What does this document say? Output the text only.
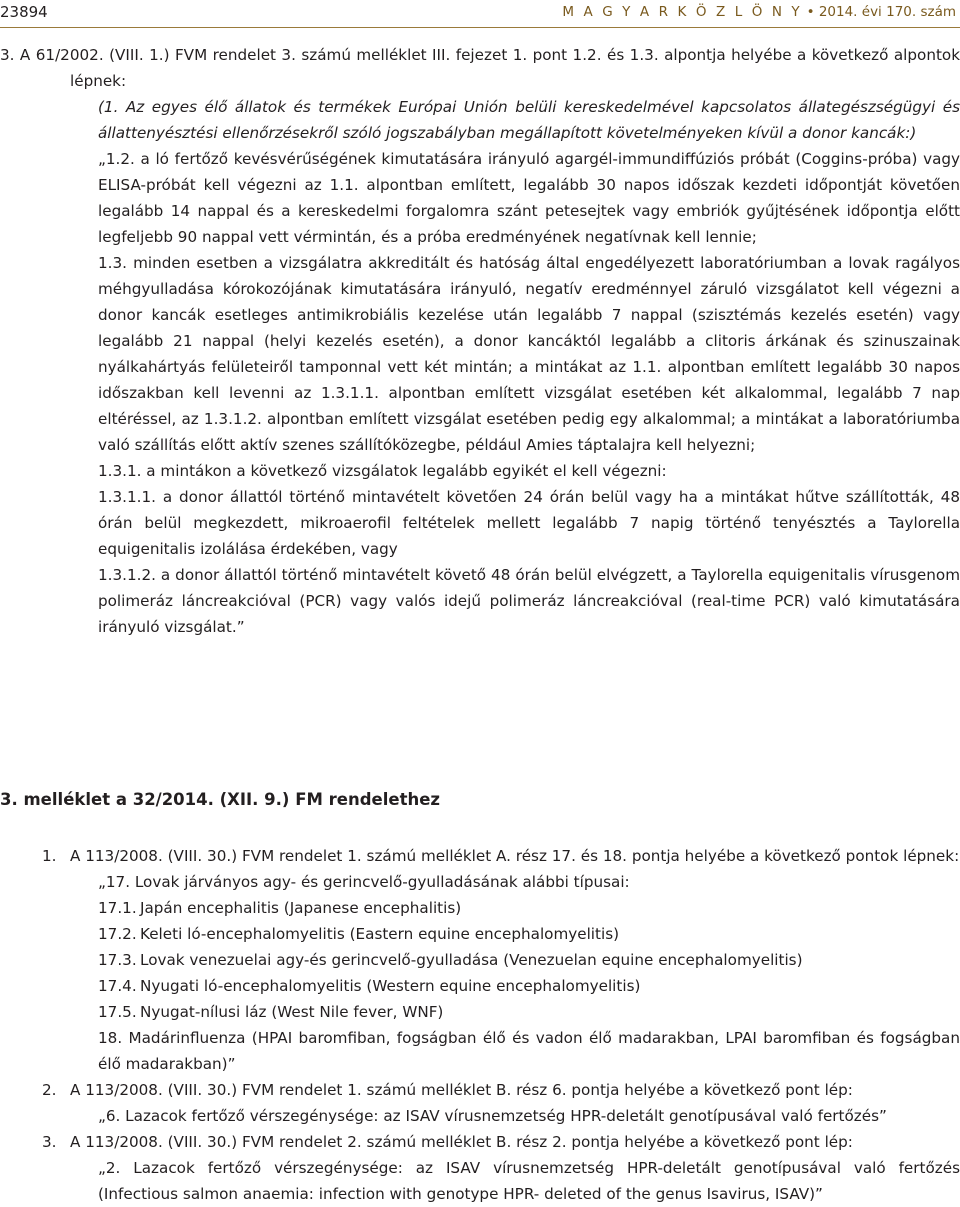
23894	M A G Y A R K Ö Z L Ö N Y • 2014. évi 170. szám

3. A 61/2002. (VIII. 1.) FVM rendelet 3. számú melléklet III. fejezet 1. pont 1.2. és 1.3. alpontja helyébe a következő alpontok lépnek:

(1. Az egyes élő állatok és termékek Európai Unión belüli kereskedelmével kapcsolatos állategészségügyi és állattenyésztési ellenőrzésekről szóló jogszabályban megállapított követelményeken kívül a donor kancák:)

„1.2. a ló fertőző kevésvérűségének kimutatására irányuló agargél-immundiffúziós próbát (Coggins-próba) vagy ELISA-próbát kell végezni az 1.1. alpontban említett, legalább 30 napos időszak kezdeti időpontját követően legalább 14 nappal és a kereskedelmi forgalomra szánt petesejtek vagy embriók gyűjtésének időpontja előtt legfeljebb 90 nappal vett vérmintán, és a próba eredményének negatívnak kell lennie;

1.3. minden esetben a vizsgálatra akkreditált és hatóság által engedélyezett laboratóriumban a lovak ragályos méhgyulladása kórokozójának kimutatására irányuló, negatív eredménnyel záruló vizsgálatot kell végezni a donor kancák esetleges antimikrobiális kezelése után legalább 7 nappal (szisztémás kezelés esetén) vagy legalább 21 nappal (helyi kezelés esetén), a donor kancáktól legalább a clitoris árkának és szinuszainak nyálkahártyás felületeiről tamponnal vett két mintán; a mintákat az 1.1. alpontban említett legalább 30 napos időszakban kell levenni az 1.3.1.1. alpontban említett vizsgálat esetében két alkalommal, legalább 7 nap eltéréssel, az 1.3.1.2. alpontban említett vizsgálat esetében pedig egy alkalommal; a mintákat a laboratóriumba való szállítás előtt aktív szenes szállítóközegbe, például Amies táptalajra kell helyezni;

1.3.1. a mintákon a következő vizsgálatok legalább egyikét el kell végezni:

1.3.1.1. a donor állattól történő mintavételt követően 24 órán belül vagy ha a mintákat hűtve szállították, 48 órán belül megkezdett, mikroaerofil feltételek mellett legalább 7 napig történő tenyésztés a Taylorella equigenitalis izolálása érdekében, vagy

1.3.1.2. a donor állattól történő mintavételt követő 48 órán belül elvégzett, a Taylorella equigenitalis vírusgenom polimeráz láncreakcióval (PCR) vagy valós idejű polimeráz láncreakcióval (real-time PCR) való kimutatására irányuló vizsgálat.”

3. melléklet a 32/2014. (XII. 9.) FM rendelethez

1. A 113/2008. (VIII. 30.) FVM rendelet 1. számú melléklet A. rész 17. és 18. pontja helyébe a következő pontok lépnek:

„17. Lovak járványos agy- és gerincvelő-gyulladásának alábbi típusai:

17.1. Japán encephalitis (Japanese encephalitis)

17.2. Keleti ló-encephalomyelitis (Eastern equine encephalomyelitis)

17.3. Lovak venezuelai agy-és gerincvelő-gyulladása (Venezuelan equine encephalomyelitis)

17.4. Nyugati ló-encephalomyelitis (Western equine encephalomyelitis)

17.5. Nyugat-nílusi láz (West Nile fever, WNF)

18. Madárinfluenza (HPAI baromfiban, fogságban élő és vadon élő madarakban, LPAI baromfiban és fogságban élő madarakban)”

2. A 113/2008. (VIII. 30.) FVM rendelet 1. számú melléklet B. rész 6. pontja helyébe a következő pont lép:

„6. Lazacok fertőző vérszegénysége: az ISAV vírusnemzetség HPR-deletált genotípusával való fertőzés”

3. A 113/2008. (VIII. 30.) FVM rendelet 2. számú melléklet B. rész 2. pontja helyébe a következő pont lép:

„2. Lazacok fertőző vérszegénysége: az ISAV vírusnemzetség HPR-deletált genotípusával való fertőzés (Infectious salmon anaemia: infection with genotype HPR- deleted of the genus Isavirus, ISAV)”
